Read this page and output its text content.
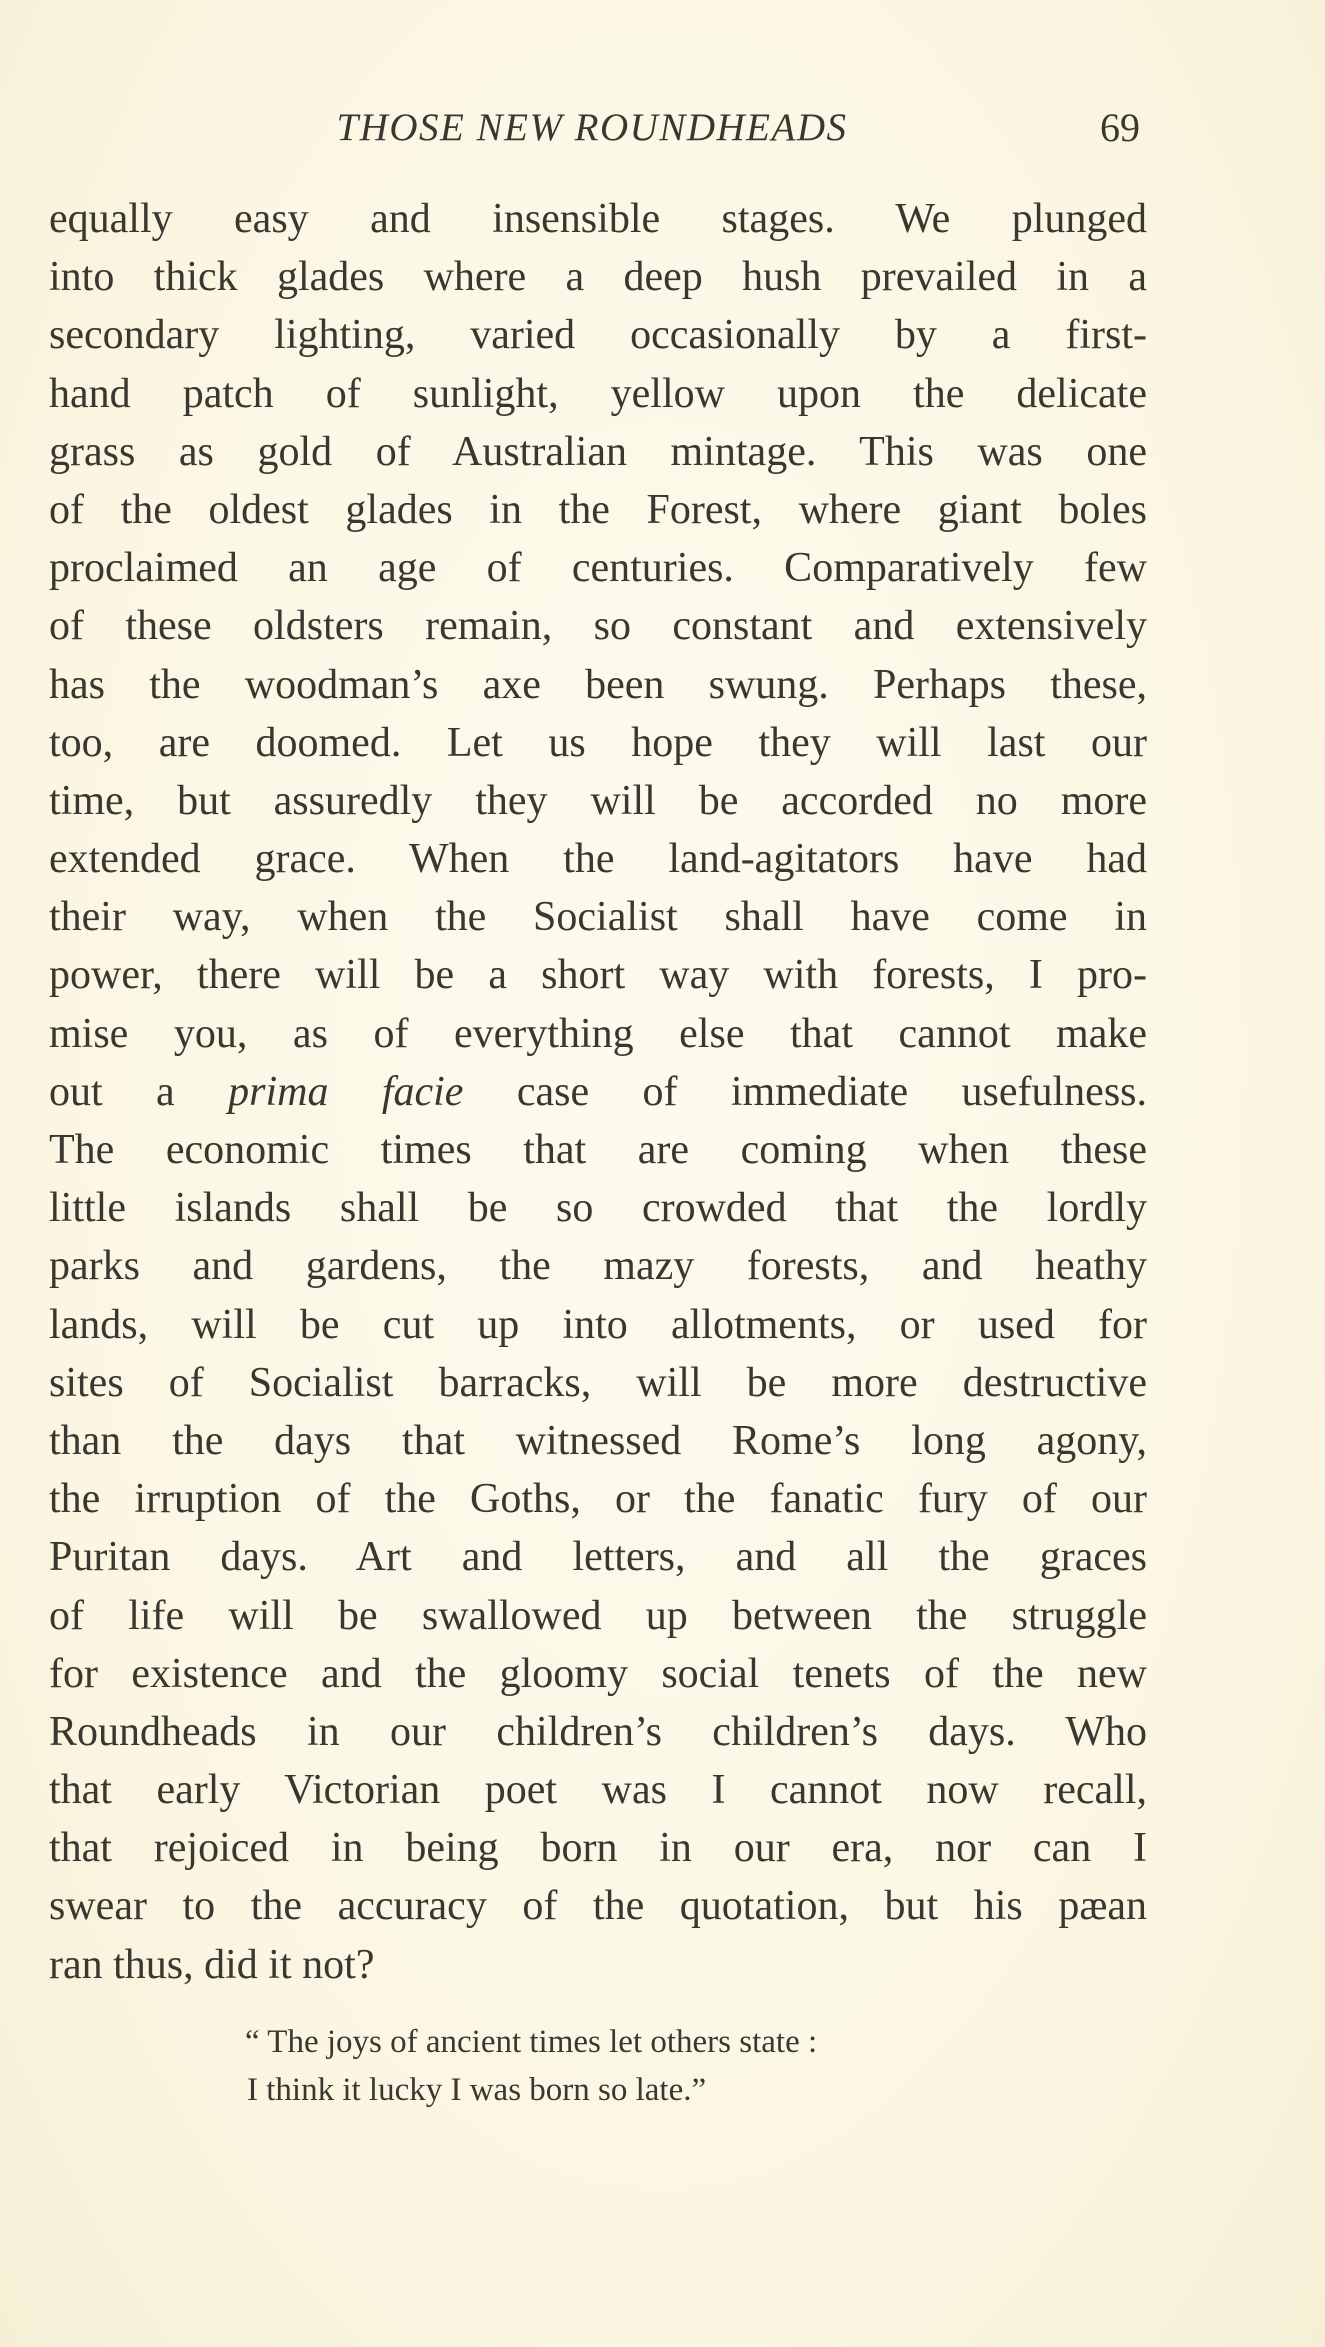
THOSE NEW ROUNDHEADS	69
equally easy and insensible stages. We plunged
into thick glades where a deep hush prevailed in a
secondary lighting, varied occasionally by a first-
hand patch of sunlight, yellow upon the delicate
grass as gold of Australian mintage. This was one
of the oldest glades in the Forest, where giant boles
proclaimed an age of centuries. Comparatively few
of these oldsters remain, so constant and extensively
has the woodman’s axe been swung. Perhaps these,
too, are doomed. Let us hope they will last our
time, but assuredly they will be accorded no more
extended grace. When the land-agitators have had
their way, when the Socialist shall have come in
power, there will be a short way with forests, I pro-
mise you, as of everything else that cannot make
out a prima facie case of immediate usefulness.
The economic times that are coming when these
little islands shall be so crowded that the lordly
parks and gardens, the mazy forests, and heathy
lands, will be cut up into allotments, or used for
sites of Socialist barracks, will be more destructive
than the days that witnessed Rome’s long agony,
the irruption of the Goths, or the fanatic fury of our
Puritan days. Art and letters, and all the graces
of life will be swallowed up between the struggle
for existence and the gloomy social tenets of the new
Roundheads in our children’s children’s days. Who
that early Victorian poet was I cannot now recall,
that rejoiced in being born in our era, nor can I
swear to the accuracy of the quotation, but his pæan
ran thus, did it not?
“ The joys of ancient times let others state :
I think it lucky I was born so late.”
